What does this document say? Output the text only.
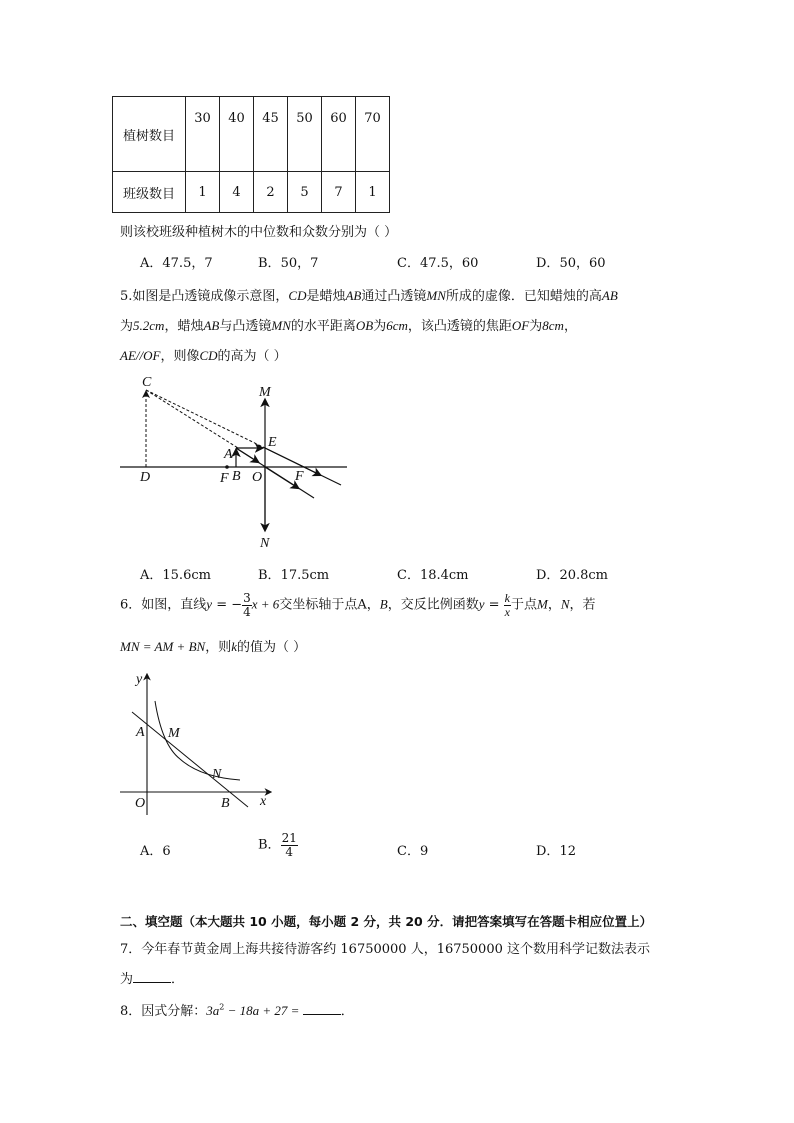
植树数目	30	40	45	50	60	70
班级数目	1	4	2	5	7	1
则该校班级种植树木的中位数和众数分别为（ ）
A．47.5，7	B．50，7	C．47.5，60	D．50，60
5.如图是凸透镜成像示意图，CD是蜡烛AB通过凸透镜MN所成的虚像．已知蜡烛的高AB
为5.2cm，蜡烛AB与凸透镜MN的水平距离OB为6cm，该凸透镜的焦距OF为8cm，
AE//OF，则像CD的高为（ ）
C
M
E
A
D	F B O F
N
A．15.6cm	B．17.5cm	C．18.4cm	D．20.8cm
6．如图，直线y = − $\frac{3}{4}$ x + 6交坐标轴于点A，B，交反比例函数$y = \frac{k}{x}$ 于点M，N，若
MN = AM + BN，则k的值为（ ）
y
A M
N
O	B x
A．6	B． $\frac{21}{4}$	C．9	D．12
二、填空题（本大题共 10 小题，每小题 2 分，共 20 分．请把答案填写在答题卡相应位置上）
7．今年春节黄金周上海共接待游客约 16750000 人，16750000 这个数用科学记数法表示
为	．
8．因式分解：$3a^2 - 18a + 27$ =	．
